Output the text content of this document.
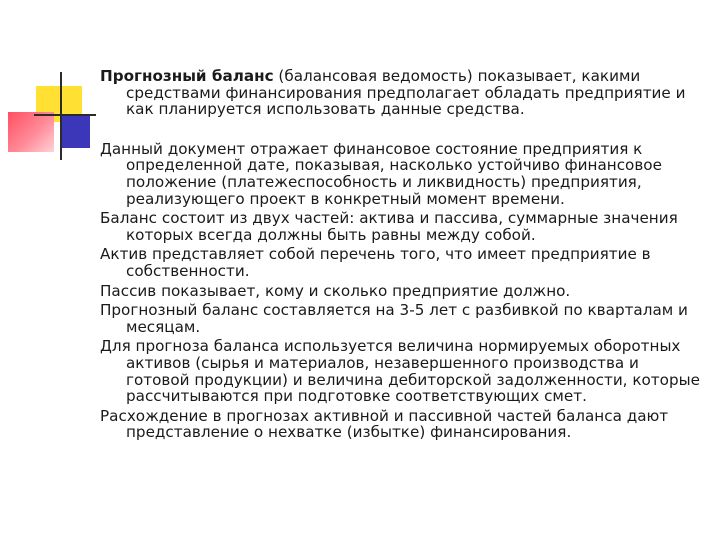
Прогнозный баланс (балансовая ведомость) показывает, какими средствами финансирования предполагает обладать предприятие и как планируется использовать данные средства.

Данный документ отражает финансовое состояние предприятия к определенной дате, показывая, насколько устойчиво финансовое положение (платежеспособность и ликвидность) предприятия, реализующего проект в конкретный момент времени.

Баланс состоит из двух частей: актива и пассива, суммарные значения которых всегда должны быть равны между собой.

Актив представляет собой перечень того, что имеет предприятие в собственности.

Пассив показывает, кому и сколько предприятие должно.

Прогнозный баланс составляется на 3-5 лет с разбивкой по кварталам и месяцам.

Для прогноза баланса используется величина нормируемых оборотных активов (сырья и материалов, незавершенного производства и готовой продукции) и величина дебиторской задолженности, которые рассчитываются при подготовке соответствующих смет.

Расхождение в прогнозах активной и пассивной частей баланса дают представление о нехватке (избытке) финансирования.
